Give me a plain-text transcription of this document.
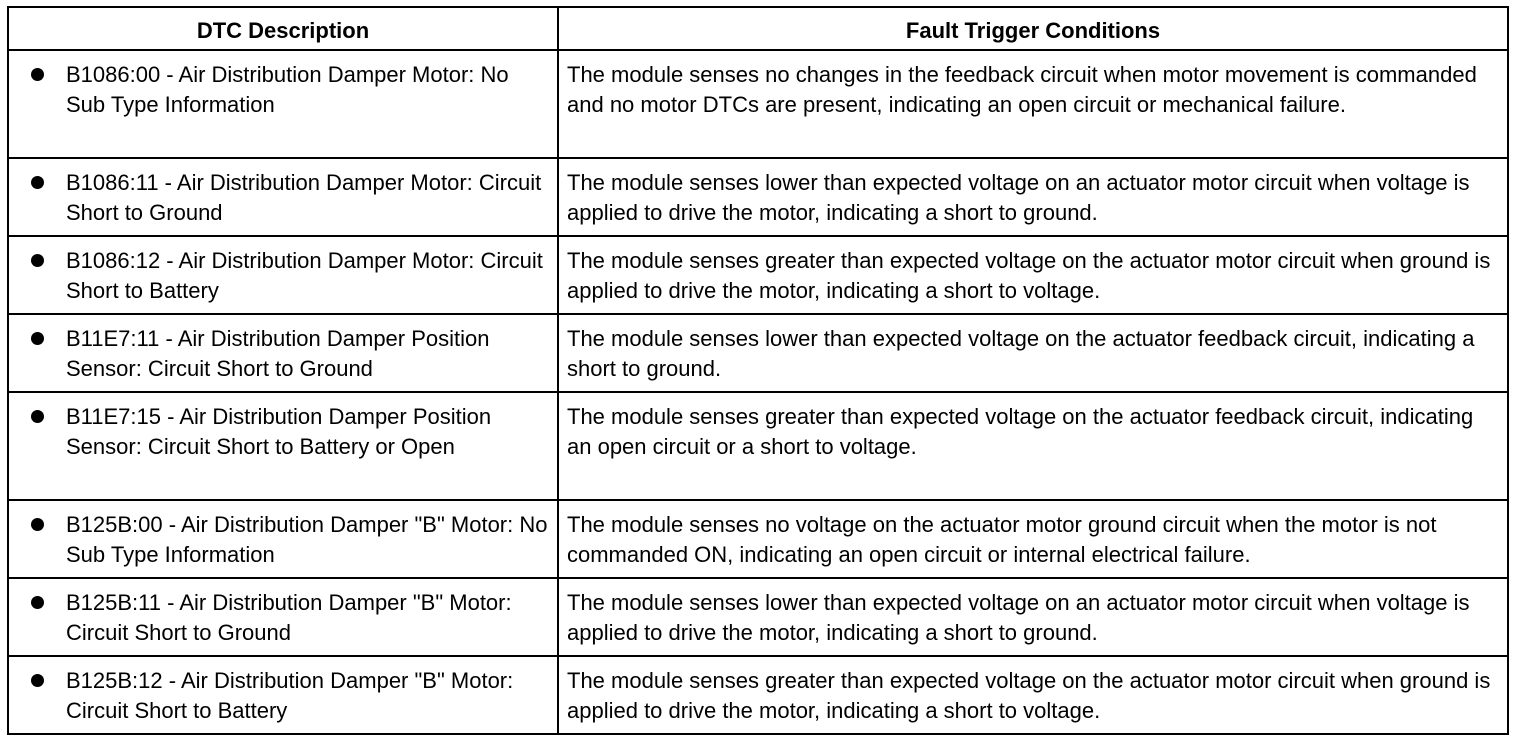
DTC Description	Fault Trigger Conditions

B1086:00 - Air Distribution Damper Motor: No Sub Type Information	The module senses no changes in the feedback circuit when motor movement is commanded and no motor DTCs are present, indicating an open circuit or mechanical failure.

B1086:11 - Air Distribution Damper Motor: Circuit Short to Ground	The module senses lower than expected voltage on an actuator motor circuit when voltage is applied to drive the motor, indicating a short to ground.

B1086:12 - Air Distribution Damper Motor: Circuit Short to Battery	The module senses greater than expected voltage on the actuator motor circuit when ground is applied to drive the motor, indicating a short to voltage.

B11E7:11 - Air Distribution Damper Position Sensor: Circuit Short to Ground	The module senses lower than expected voltage on the actuator feedback circuit, indicating a short to ground.

B11E7:15 - Air Distribution Damper Position Sensor: Circuit Short to Battery or Open	The module senses greater than expected voltage on the actuator feedback circuit, indicating an open circuit or a short to voltage.

B125B:00 - Air Distribution Damper "B" Motor: No Sub Type Information	The module senses no voltage on the actuator motor ground circuit when the motor is not commanded ON, indicating an open circuit or internal electrical failure.

B125B:11 - Air Distribution Damper "B" Motor: Circuit Short to Ground	The module senses lower than expected voltage on an actuator motor circuit when voltage is applied to drive the motor, indicating a short to ground.

B125B:12 - Air Distribution Damper "B" Motor: Circuit Short to Battery	The module senses greater than expected voltage on the actuator motor circuit when ground is applied to drive the motor, indicating a short to voltage.
